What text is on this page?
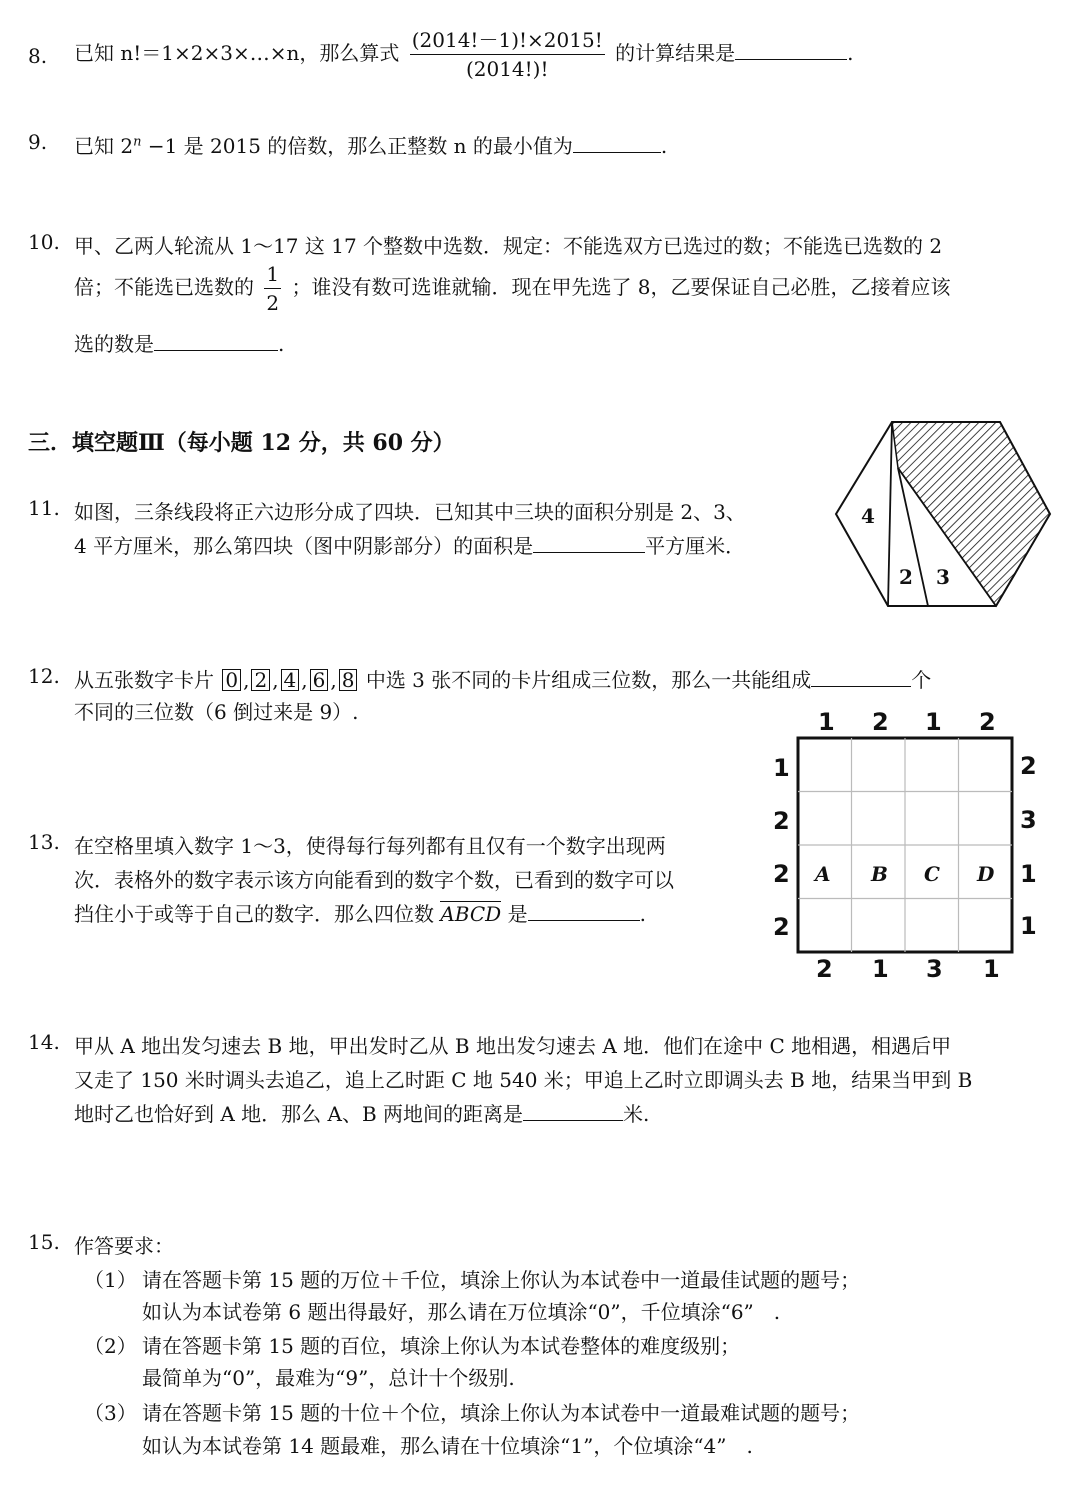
8. 已知 n!＝1×2×3×…×n，那么算式 $\frac{(2014!-1)!\times 2015!}{(2014!)!}$ 的计算结果是	.
9. 已知 $2^n -1$ 是 2015 的倍数，那么正整数 n 的最小值为	.
10. 甲、乙两人轮流从 1～17 这 17 个整数中选数．规定：不能选双方已选过的数；不能选已选数的 2
倍；不能选已选数的 $\frac{1}{2}$ ；谁没有数可选谁就输．现在甲先选了 8，乙要保证自己必胜，乙接着应该
选的数是	.
三．填空题Ⅲ（每小题 12 分，共 60 分）
4
2 3
11. 如图，三条线段将正六边形分成了四块．已知其中三块的面积分别是 2、3、
4 平方厘米，那么第四块（图中阴影部分）的面积是	平方厘米．
12. 从五张数字卡片 0 , 2 , 4 , 6 , 8 中选 3 张不同的卡片组成三位数，那么一共能组成	个
不同的三位数（6 倒过来是 9）.	1 2 1 2
2 1 3 1
1
2
2
2
2
3
1
1
A B C D
13. 在空格里填入数字 1～3，使得每行每列都有且仅有一个数字出现两
次．表格外的数字表示该方向能看到的数字个数，已看到的数字可以
挡住小于或等于自己的数字．那么四位数 ABCD 是	.
14. 甲从 A 地出发匀速去 B 地，甲出发时乙从 B 地出发匀速去 A 地．他们在途中 C 地相遇，相遇后甲
又走了 150 米时调头去追乙，追上乙时距 C 地 540 米；甲追上乙时立即调头去 B 地，结果当甲到 B
地时乙也恰好到 A 地．那么 A、B 两地间的距离是	米.
15. 作答要求：
（1） 请在答题卡第 15 题的万位＋千位，填涂上你认为本试卷中一道最佳试题的题号；
如认为本试卷第 6 题出得最好，那么请在万位填涂“0”，千位填涂“6”　.
（2） 请在答题卡第 15 题的百位，填涂上你认为本试卷整体的难度级别；
最简单为“0”，最难为“9”，总计十个级别.
（3） 请在答题卡第 15 题的十位＋个位，填涂上你认为本试卷中一道最难试题的题号；
如认为本试卷第 14 题最难，那么请在十位填涂“1”，个位填涂“4”　.
